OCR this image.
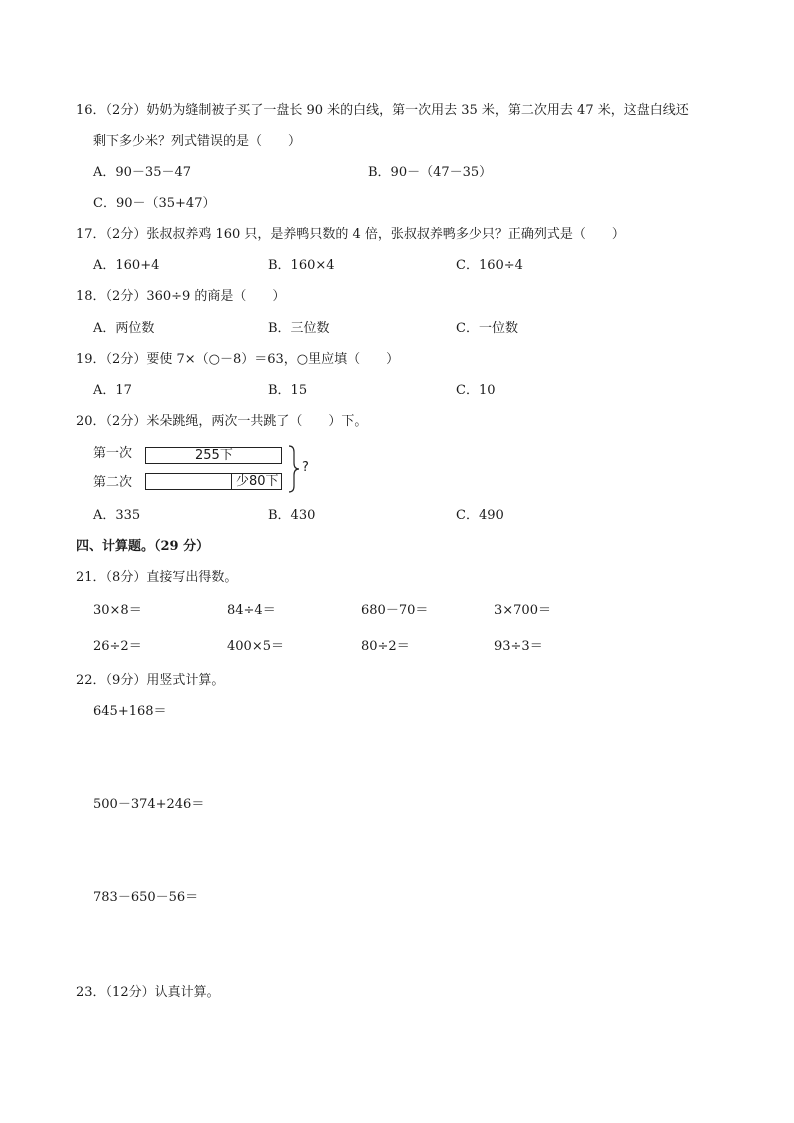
16．（2分）奶奶为缝制被子买了一盘长 90 米的白线，第一次用去 35 米，第二次用去 47 米，这盘白线还
剩下多少米？列式错误的是（　　）
A．90－35－47	B．90－（47－35）
C．90－（35+47）
17．（2分）张叔叔养鸡 160 只，是养鸭只数的 4 倍，张叔叔养鸭多少只？正确列式是（　　）
A．160+4	B．160×4	C．160÷4
18．（2分）360÷9 的商是（　　）
A．两位数	B．三位数	C．一位数
19．（2分）要使 7×（○－8）＝63，○里应填（　　）
A．17	B．15	C．10
20．（2分）米朵跳绳，两次一共跳了（　　）下。
第一次	255下
第二次	少80下
?
A．335	B．430	C．490
四、计算题。（29 分）
21．（8分）直接写出得数。
30×8＝	84÷4＝	680－70＝	3×700＝
26÷2＝	400×5＝	80÷2＝	93÷3＝
22．（9分）用竖式计算。
645+168＝
500－374+246＝
783－650－56＝
23．（12分）认真计算。
